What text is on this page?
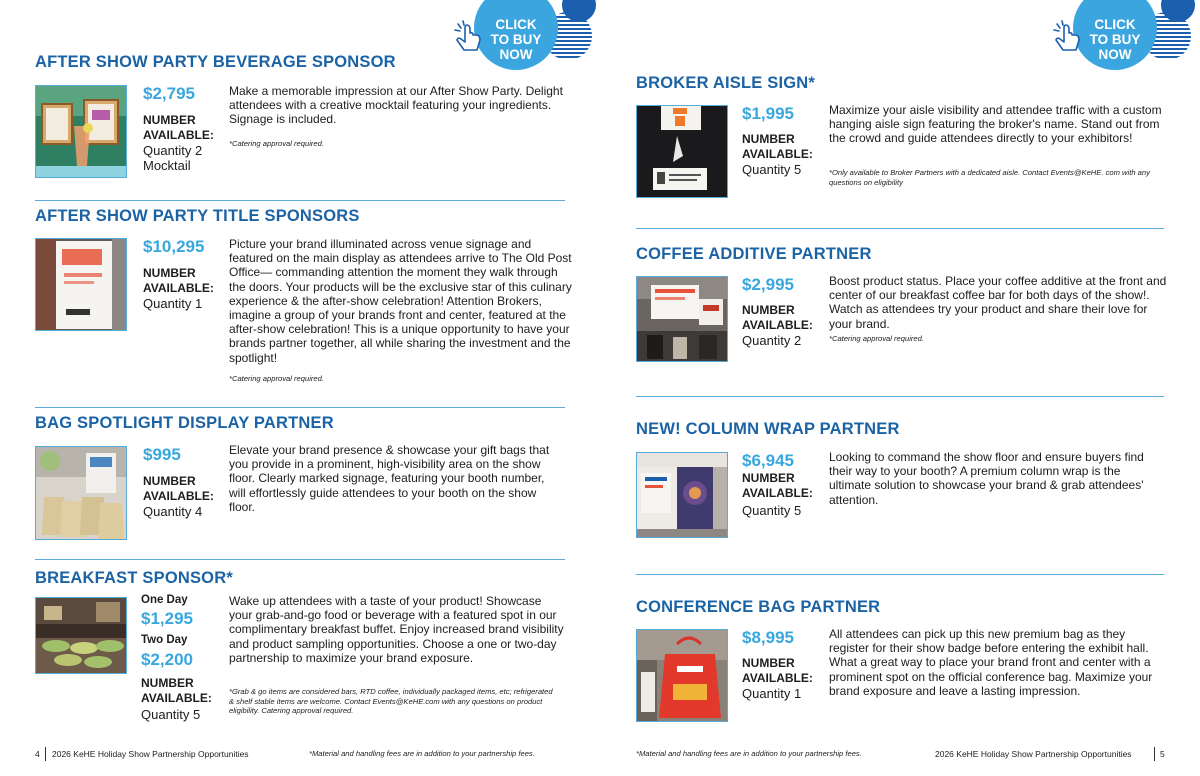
CLICK
TO BUY
NOW
AFTER SHOW PARTY BEVERAGE SPONSOR
$2,795
NUMBER
AVAILABLE:
Quantity 2
Mocktail
Make a memorable impression at our After Show Party. Delight attendees with a creative mocktail featuring your ingredients. Signage is included.
*Catering approval required.
AFTER SHOW PARTY TITLE SPONSORS
$10,295
NUMBER
AVAILABLE:
Quantity 1
Picture your brand illuminated across venue signage and featured on the main display as attendees arrive to The Old Post Office— commanding attention the moment they walk through the doors. Your products will be the exclusive star of this culinary experience & the after-show celebration! Attention Brokers, imagine a group of your brands front and center, featured at the after-show celebration! This is a unique opportunity to have your brands partner together, all while sharing the investment and the spotlight!
*Catering approval required.
BAG SPOTLIGHT DISPLAY PARTNER
$995
NUMBER
AVAILABLE:
Quantity 4
Elevate your brand presence & showcase your gift bags that you provide in a prominent, high-visibility area on the show floor. Clearly marked signage, featuring your booth number, will effortlessly guide attendees to your booth on the show floor.
BREAKFAST SPONSOR*
One Day
$1,295
Two Day
$2,200
NUMBER
AVAILABLE:
Quantity 5
Wake up attendees with a taste of your product! Showcase your grab-and-go food or beverage with a featured spot in our complimentary breakfast buffet. Enjoy increased brand visibility and product sampling opportunities. Choose a one or two-day partnership to maximize your brand exposure.
*Grab & go items are considered bars, RTD coffee, individually packaged items, etc; refrigerated & shelf stable items are welcome. Contact Events@KeHE.com with any questions on product eligibility. Catering approval required.
4 2026 KeHE Holiday Show Partnership Opportunities	*Material and handling fees are in addition to your partnership fees.
CLICK
TO BUY
NOW
BROKER AISLE SIGN*
$1,995
NUMBER
AVAILABLE:
Quantity 5
Maximize your aisle visibility and attendee traffic with a custom hanging aisle sign featuring the broker's name. Stand out from the crowd and guide attendees directly to your exhibitors!
*Only available to Broker Partners with a dedicated aisle. Contact Events@KeHE. com with any questions on eligibility
COFFEE ADDITIVE PARTNER
$2,995
NUMBER
AVAILABLE:
Quantity 2
Boost product status. Place your coffee additive at the front and center of our breakfast coffee bar for both days of the show!. Watch as attendees try your product and share their love for your brand.
*Catering approval required.
NEW! COLUMN WRAP PARTNER
$6,945
NUMBER
AVAILABLE:
Quantity 5
Looking to command the show floor and ensure buyers find their way to your booth? A premium column wrap is the ultimate solution to showcase your brand & grab attendees' attention.
CONFERENCE BAG PARTNER
$8,995
NUMBER
AVAILABLE:
Quantity 1
All attendees can pick up this new premium bag as they register for their show badge before entering the exhibit hall. What a great way to place your brand front and center with a prominent spot on the official conference bag. Maximize your brand exposure and leave a lasting impression.
*Material and handling fees are in addition to your partnership fees.	2026 KeHE Holiday Show Partnership Opportunities	5
